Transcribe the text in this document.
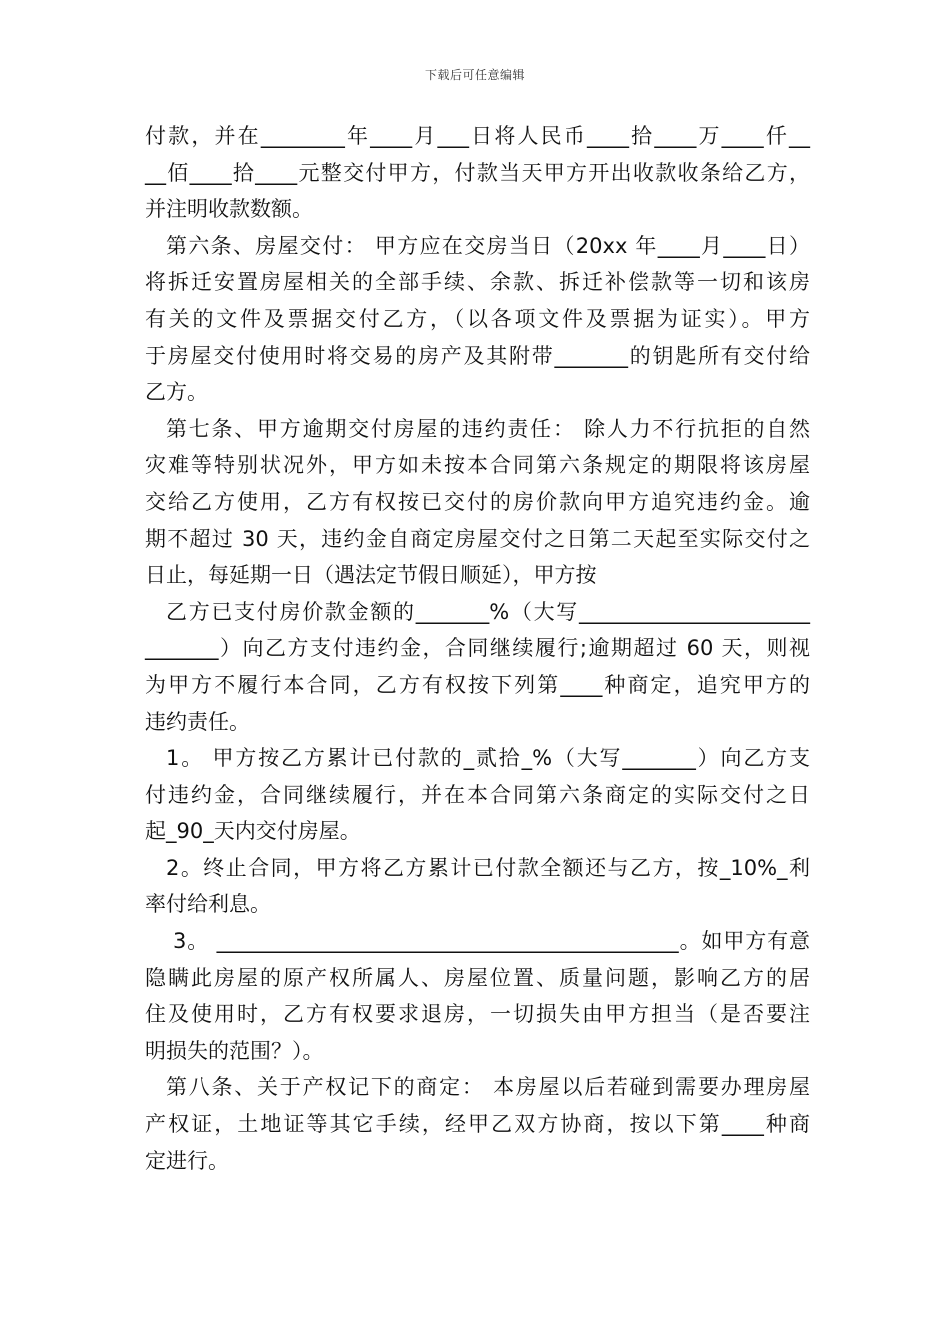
下载后可任意编辑
付款，并在________年____月___日将人民币____拾____万____仟__
__佰____拾____元整交付甲方，付款当天甲方开出收款收条给乙方，
并注明收款数额。
第六条、房屋交付： 甲方应在交房当日（20xx 年____月____日）
将拆迁安置房屋相关的全部手续、余款、拆迁补偿款等一切和该房
有关的文件及票据交付乙方，（以各项文件及票据为证实）。甲方
于房屋交付使用时将交易的房产及其附带_______的钥匙所有交付给
乙方。
第七条、甲方逾期交付房屋的违约责任： 除人力不行抗拒的自然
灾难等特别状况外，甲方如未按本合同第六条规定的期限将该房屋
交给乙方使用，乙方有权按已交付的房价款向甲方追究违约金。逾
期不超过 30 天，违约金自商定房屋交付之日第二天起至实际交付之
日止，每延期一日（遇法定节假日顺延），甲方按
乙方已支付房价款金额的_______%（大写______________________
_______）向乙方支付违约金，合同继续履行;逾期超过 60 天，则视
为甲方不履行本合同，乙方有权按下列第____种商定，追究甲方的
违约责任。
1。 甲方按乙方累计已付款的_贰拾_%（大写_______）向乙方支
付违约金，合同继续履行，并在本合同第六条商定的实际交付之日
起_90_天内交付房屋。
2。终止合同，甲方将乙方累计已付款全额还与乙方，按_10%_利
率付给利息。
3。 ____________________________________________。如甲方有意
隐瞒此房屋的原产权所属人、房屋位置、质量问题，影响乙方的居
住及使用时，乙方有权要求退房，一切损失由甲方担当（是否要注
明损失的范围？）。
第八条、关于产权记下的商定： 本房屋以后若碰到需要办理房屋
产权证，土地证等其它手续，经甲乙双方协商，按以下第____种商
定进行。
